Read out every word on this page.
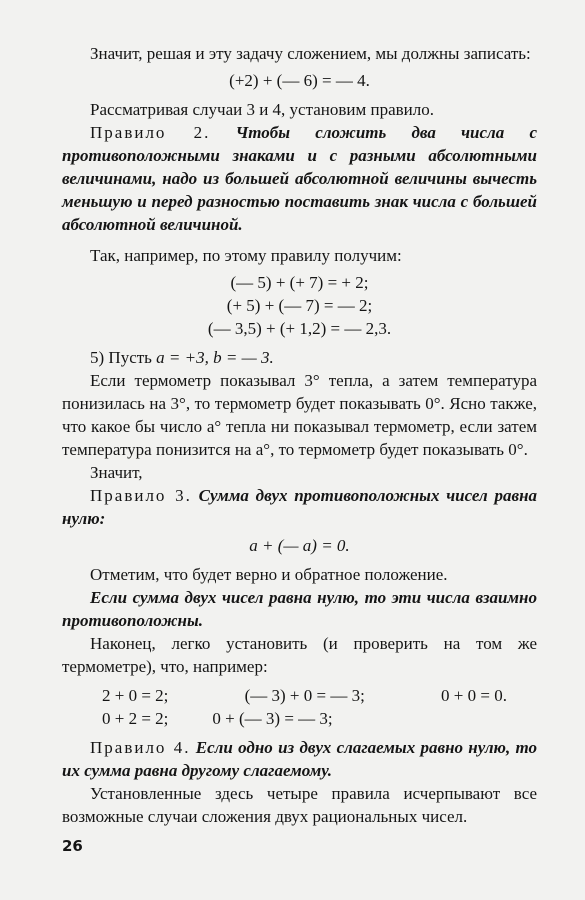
Значит, решая и эту задачу сложением, мы должны записать:

(+2) + (— 6) = — 4.

Рассматривая случаи 3 и 4, установим правило.

Правило 2. Чтобы сложить два числа с противоположными знаками и с разными абсолютными величинами, надо из большей абсолютной величины вычесть меньшую и перед разностью поставить знак числа с большей абсолютной величиной.

Так, например, по этому правилу получим:

(— 5) + (+ 7) = + 2;

(+ 5) + (— 7) = — 2;

(— 3,5) + (+ 1,2) = — 2,3.

5) Пусть a = +3, b = — 3.

Если термометр показывал 3° тепла, а затем температура понизилась на 3°, то термометр будет показывать 0°. Ясно также, что какое бы число a° тепла ни показывал термометр, если затем температура понизится на a°, то термометр будет показывать 0°.

Значит,

Правило 3. Сумма двух противоположных чисел равна нулю:

a + (— a) = 0.

Отметим, что будет верно и обратное положение.

Если сумма двух чисел равна нулю, то эти числа взаимно противоположны.

Наконец, легко установить (и проверить на том же термометре), что, например:

2 + 0 = 2;	(— 3) + 0 = — 3;	0 + 0 = 0.
0 + 2 = 2;	0 + (— 3) = — 3;

Правило 4. Если одно из двух слагаемых равно нулю, то их сумма равна другому слагаемому.

Установленные здесь четыре правила исчерпывают все возможные случаи сложения двух рациональных чисел.

26
